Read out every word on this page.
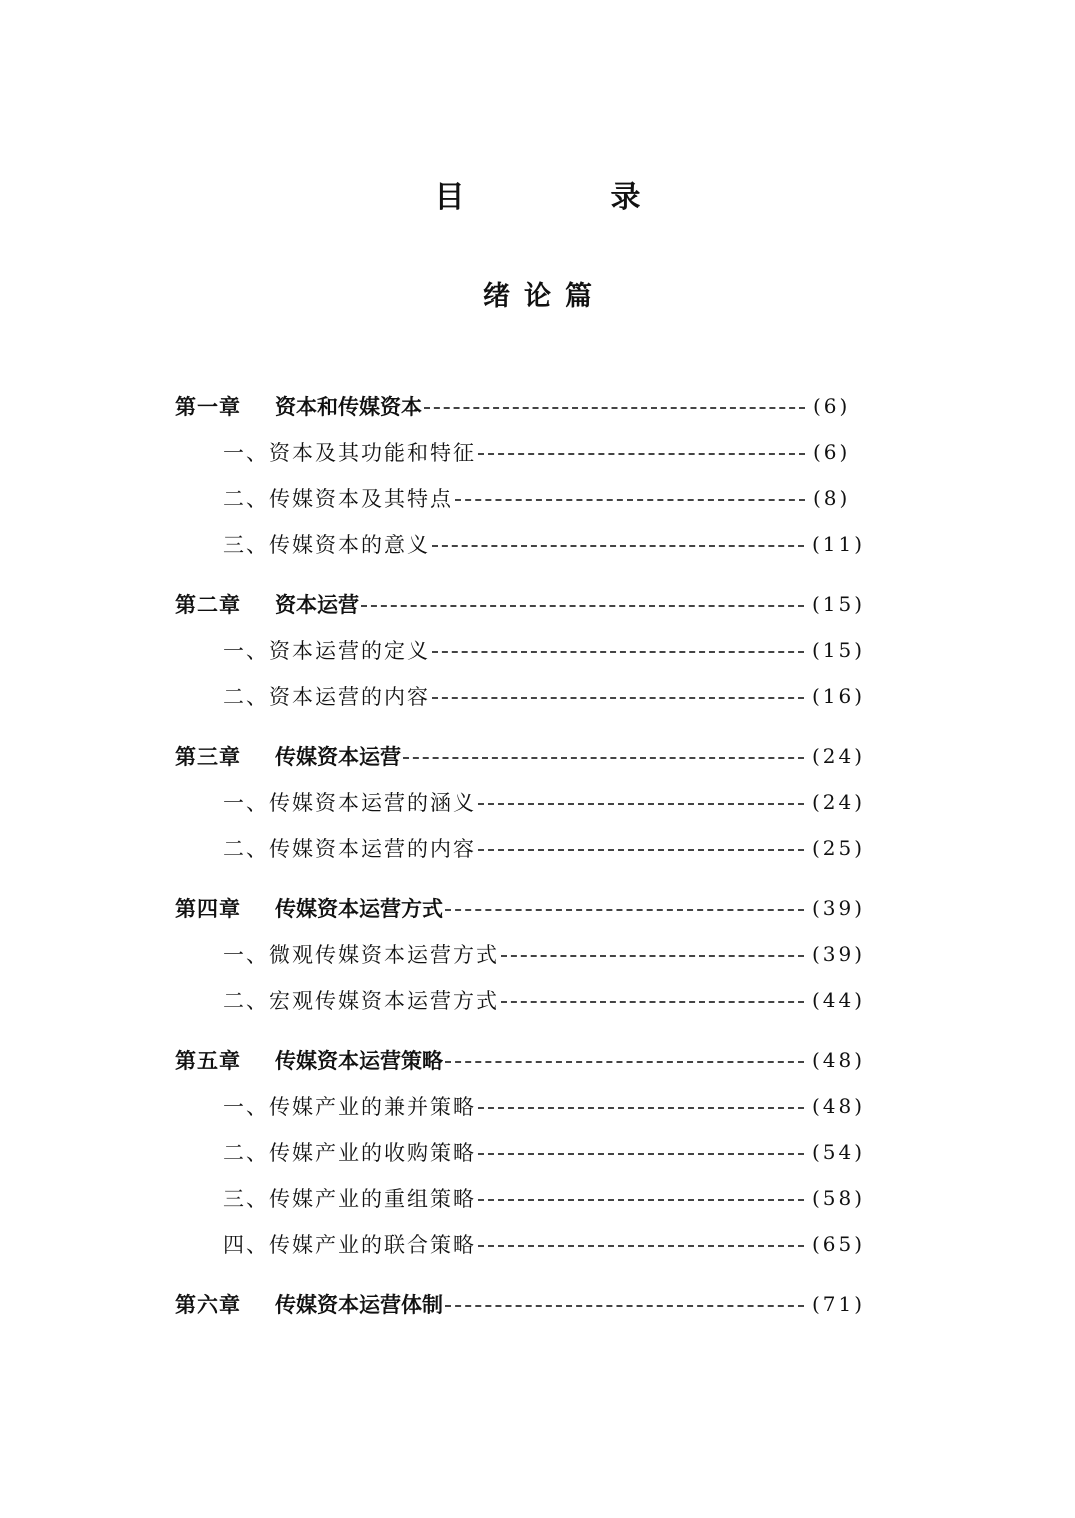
目　录
绪论篇
第一章	资本和传媒资本	(6)
一、资本及其功能和特征	(6)
二、传媒资本及其特点	(8)
三、传媒资本的意义	(11)
第二章	资本运营	(15)
一、资本运营的定义	(15)
二、资本运营的内容	(16)
第三章	传媒资本运营	(24)
一、传媒资本运营的涵义	(24)
二、传媒资本运营的内容	(25)
第四章	传媒资本运营方式	(39)
一、微观传媒资本运营方式	(39)
二、宏观传媒资本运营方式	(44)
第五章	传媒资本运营策略	(48)
一、传媒产业的兼并策略	(48)
二、传媒产业的收购策略	(54)
三、传媒产业的重组策略	(58)
四、传媒产业的联合策略	(65)
第六章	传媒资本运营体制	(71)
